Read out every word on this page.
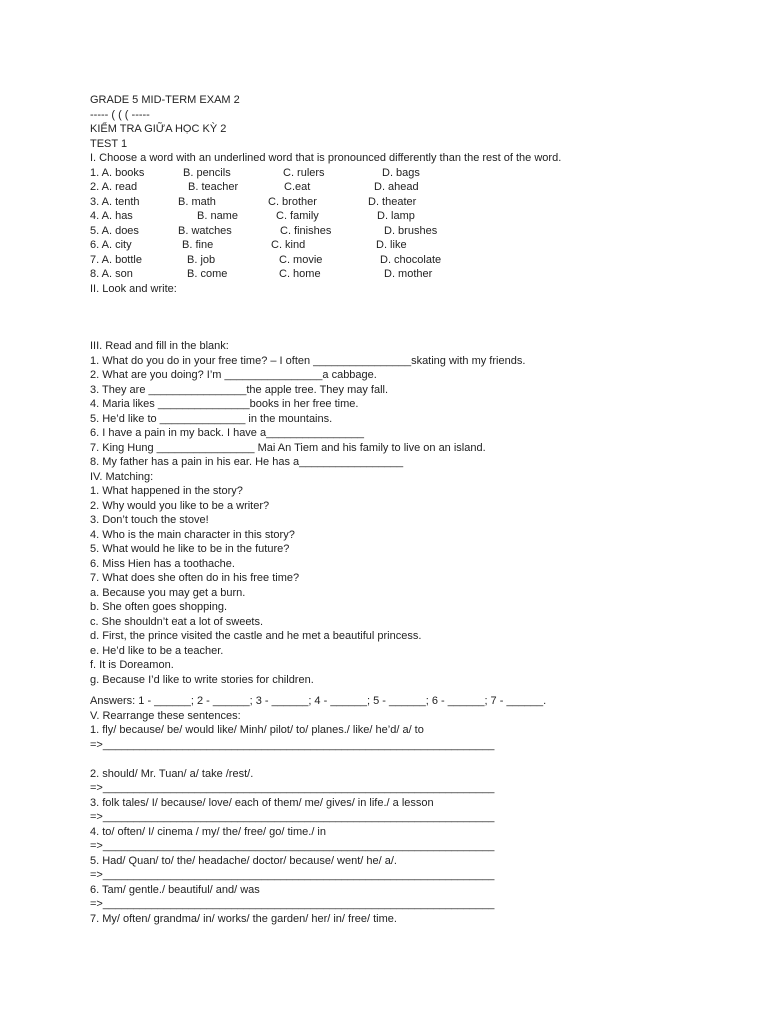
GRADE 5 MID-TERM EXAM 2
----- ( ( ( -----
KIỂM TRA GIỮA HỌC KỲ 2
TEST 1
I. Choose a word with an underlined word that is pronounced differently than the rest of the word.
1. A. books	B. pencils	C. rulers	D. bags
2. A. read	B. teacher	C.eat	D. ahead
3. A. tenth	B. math	C. brother	D. theater
4. A. has	B. name	C. family	D. lamp
5. A. does	B. watches	C. finishes	D. brushes
6. A. city	B. fine	C. kind	D. like
7. A. bottle	B. job	C. movie	D. chocolate
8. A. son	B. come	C. home	D. mother
II. Look and write:
III. Read and fill in the blank:
1. What do you do in your free time? – I often ________________skating with my friends.
2. What are you doing? I’m ________________a cabbage.
3. They are ________________the apple tree. They may fall.
4. Maria likes _______________books in her free time.
5. He’d like to ______________ in the mountains.
6. I have a pain in my back. I have a________________
7. King Hung ________________ Mai An Tiem and his family to live on an island.
8. My father has a pain in his ear. He has a_________________
IV. Matching:
1. What happened in the story?
2. Why would you like to be a writer?
3. Don’t touch the stove!
4. Who is the main character in this story?
5. What would he like to be in the future?
6. Miss Hien has a toothache.
7. What does she often do in his free time?
a. Because you may get a burn.
b. She often goes shopping.
c. She shouldn’t eat a lot of sweets.
d. First, the prince visited the castle and he met a beautiful princess.
e. He’d like to be a teacher.
f. It is Doreamon.
g. Because I’d like to write stories for children.
Answers: 1 - ______; 2 - ______; 3 - ______; 4 - ______; 5 - ______; 6 - ______; 7 - ______.
V. Rearrange these sentences:
1. fly/ because/ be/ would like/ Minh/ pilot/ to/ planes./ like/ he’d/ a/ to
=>________________________________________________________________
2. should/ Mr. Tuan/ a/ take /rest/.
=>________________________________________________________________
3. folk tales/ I/ because/ love/ each of them/ me/ gives/ in life./ a lesson
=>________________________________________________________________
4. to/ often/ I/ cinema / my/ the/ free/ go/ time./ in
=>________________________________________________________________
5. Had/ Quan/ to/ the/ headache/ doctor/ because/ went/ he/ a/.
=>________________________________________________________________
6. Tam/ gentle./ beautiful/ and/ was
=>________________________________________________________________
7. My/ often/ grandma/ in/ works/ the garden/ her/ in/ free/ time.
